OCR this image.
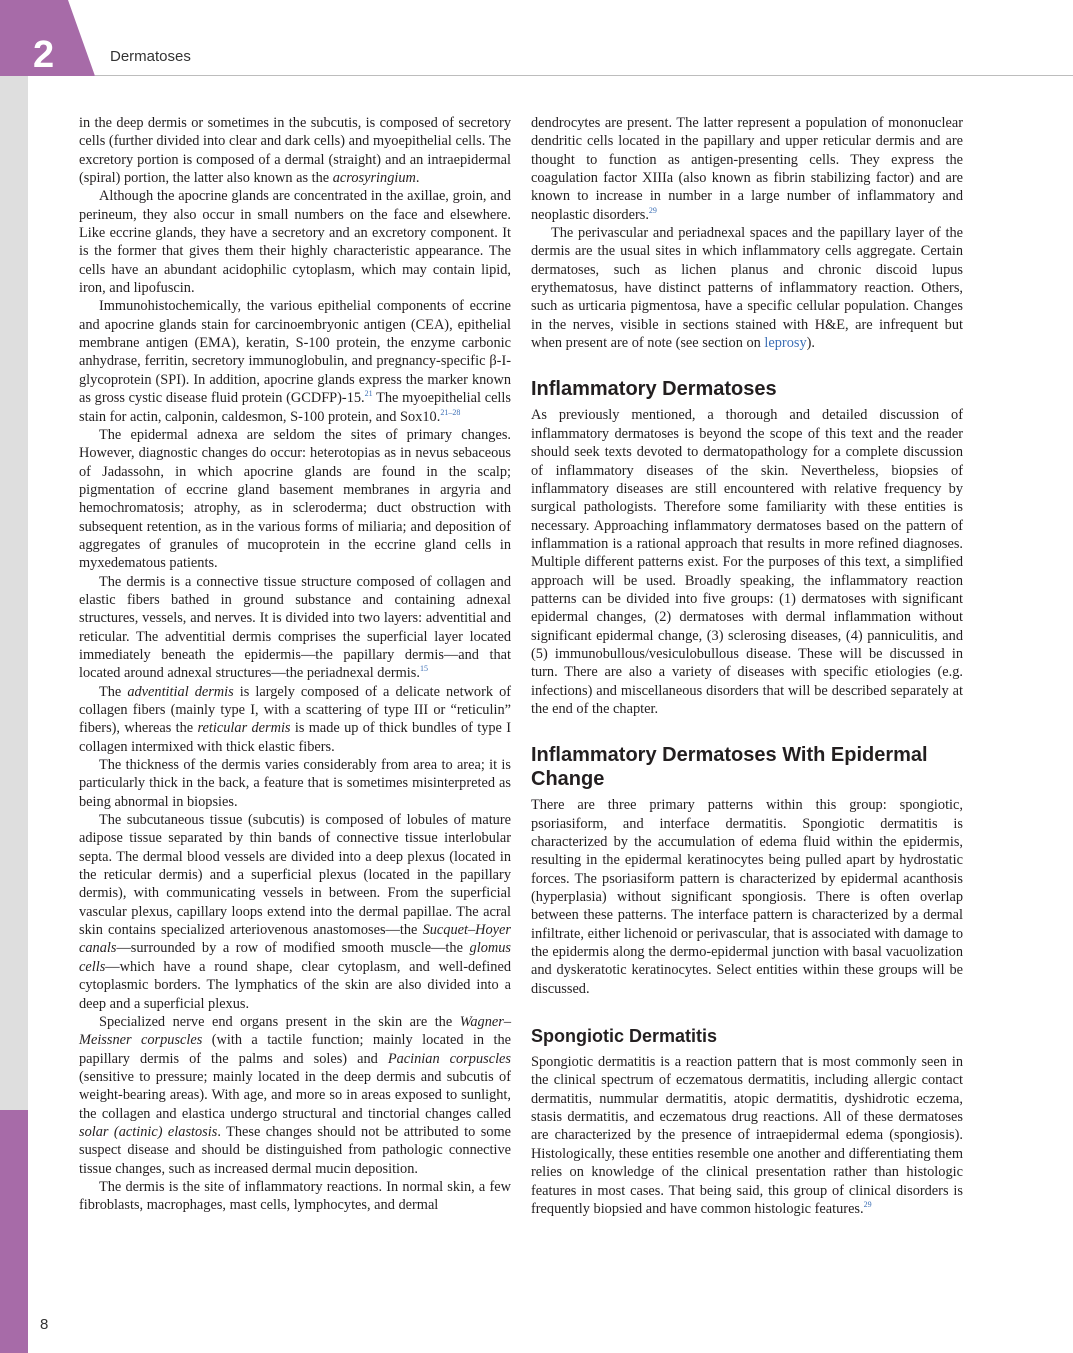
2	Dermatoses
8

in the deep dermis or sometimes in the subcutis, is composed of secretory cells (further divided into clear and dark cells) and myoepithelial cells. The excretory portion is composed of a dermal (straight) and an intraepidermal (spiral) portion, the latter also known as the acrosyringium.

Although the apocrine glands are concentrated in the axillae, groin, and perineum, they also occur in small numbers on the face and elsewhere. Like eccrine glands, they have a secretory and an excretory component. It is the former that gives them their highly characteristic appearance. The cells have an abundant acidophilic cytoplasm, which may contain lipid, iron, and lipofuscin.

Immunohistochemically, the various epithelial components of eccrine and apocrine glands stain for carcinoembryonic antigen (CEA), epithelial membrane antigen (EMA), keratin, S-100 protein, the enzyme carbonic anhydrase, ferritin, secretory immunoglobulin, and pregnancy-specific β-I-glycoprotein (SPI). In addition, apocrine glands express the marker known as gross cystic disease fluid protein (GCDFP)-15.21 The myoepithelial cells stain for actin, calponin, caldesmon, S-100 protein, and Sox10.$^{21-28}$

The epidermal adnexa are seldom the sites of primary changes. However, diagnostic changes do occur: heterotopias as in nevus sebaceous of Jadassohn, in which apocrine glands are found in the scalp; pigmentation of eccrine gland basement membranes in argyria and hemochromatosis; atrophy, as in scleroderma; duct obstruction with subsequent retention, as in the various forms of miliaria; and deposition of aggregates of granules of mucoprotein in the eccrine gland cells in myxedematous patients.

The dermis is a connective tissue structure composed of collagen and elastic fibers bathed in ground substance and containing adnexal structures, vessels, and nerves. It is divided into two layers: adventitial and reticular. The adventitial dermis comprises the superficial layer located immediately beneath the epidermis—the papillary dermis—and that located around adnexal structures—the periadnexal dermis.$^{15}$

The adventitial dermis is largely composed of a delicate network of collagen fibers (mainly type I, with a scattering of type III or “reticulin” fibers), whereas the reticular dermis is made up of thick bundles of type I collagen intermixed with thick elastic fibers.

The thickness of the dermis varies considerably from area to area; it is particularly thick in the back, a feature that is sometimes misinterpreted as being abnormal in biopsies.

The subcutaneous tissue (subcutis) is composed of lobules of mature adipose tissue separated by thin bands of connective tissue interlobular septa. The dermal blood vessels are divided into a deep plexus (located in the reticular dermis) and a superficial plexus (located in the papillary dermis), with communicating vessels in between. From the superficial vascular plexus, capillary loops extend into the dermal papillae. The acral skin contains specialized arteriovenous anastomoses—the Sucquet–Hoyer canals—surrounded by a row of modified smooth muscle—the glomus cells—which have a round shape, clear cytoplasm, and well-defined cytoplasmic borders. The lymphatics of the skin are also divided into a deep and a superficial plexus.

Specialized nerve end organs present in the skin are the Wagner–Meissner corpuscles (with a tactile function; mainly located in the papillary dermis of the palms and soles) and Pacinian corpuscles (sensitive to pressure; mainly located in the deep dermis and subcutis of weight-bearing areas). With age, and more so in areas exposed to sunlight, the collagen and elastica undergo structural and tinctorial changes called solar (actinic) elastosis. These changes should not be attributed to some suspect disease and should be distinguished from pathologic connective tissue changes, such as increased dermal mucin deposition.

The dermis is the site of inflammatory reactions. In normal skin, a few fibroblasts, macrophages, mast cells, lymphocytes, and dermal

dendrocytes are present. The latter represent a population of mononuclear dendritic cells located in the papillary and upper reticular dermis and are thought to function as antigen-presenting cells. They express the coagulation factor XIIIa (also known as fibrin stabilizing factor) and are known to increase in number in a large number of inflammatory and neoplastic disorders.$^{29}$

The perivascular and periadnexal spaces and the papillary layer of the dermis are the usual sites in which inflammatory cells aggregate. Certain dermatoses, such as lichen planus and chronic discoid lupus erythematosus, have distinct patterns of inflammatory reaction. Others, such as urticaria pigmentosa, have a specific cellular population. Changes in the nerves, visible in sections stained with H&E, are infrequent but when present are of note (see section on leprosy).

Inflammatory Dermatoses

As previously mentioned, a thorough and detailed discussion of inflammatory dermatoses is beyond the scope of this text and the reader should seek texts devoted to dermatopathology for a complete discussion of inflammatory diseases of the skin. Nevertheless, biopsies of inflammatory diseases are still encountered with relative frequency by surgical pathologists. Therefore some familiarity with these entities is necessary. Approaching inflammatory dermatoses based on the pattern of inflammation is a rational approach that results in more refined diagnoses. Multiple different patterns exist. For the purposes of this text, a simplified approach will be used. Broadly speaking, the inflammatory reaction patterns can be divided into five groups: (1) dermatoses with significant epidermal changes, (2) dermatoses with dermal inflammation without significant epidermal change, (3) sclerosing diseases, (4) panniculitis, and (5) immunobullous/vesiculobullous disease. These will be discussed in turn. There are also a variety of diseases with specific etiologies (e.g. infections) and miscellaneous disorders that will be described separately at the end of the chapter.

Inflammatory Dermatoses With Epidermal Change

There are three primary patterns within this group: spongiotic, psoriasiform, and interface dermatitis. Spongiotic dermatitis is characterized by the accumulation of edema fluid within the epidermis, resulting in the epidermal keratinocytes being pulled apart by hydrostatic forces. The psoriasiform pattern is characterized by epidermal acanthosis (hyperplasia) without significant spongiosis. There is often overlap between these patterns. The interface pattern is characterized by a dermal infiltrate, either lichenoid or perivascular, that is associated with damage to the epidermis along the dermo-epidermal junction with basal vacuolization and dyskeratotic keratinocytes. Select entities within these groups will be discussed.

Spongiotic Dermatitis

Spongiotic dermatitis is a reaction pattern that is most commonly seen in the clinical spectrum of eczematous dermatitis, including allergic contact dermatitis, nummular dermatitis, atopic dermatitis, dyshidrotic eczema, stasis dermatitis, and eczematous drug reactions. All of these dermatoses are characterized by the presence of intraepidermal edema (spongiosis). Histologically, these entities resemble one another and differentiating them relies on knowledge of the clinical presentation rather than histologic features in most cases. That being said, this group of clinical disorders is frequently biopsied and have common histologic features.$^{29}$
